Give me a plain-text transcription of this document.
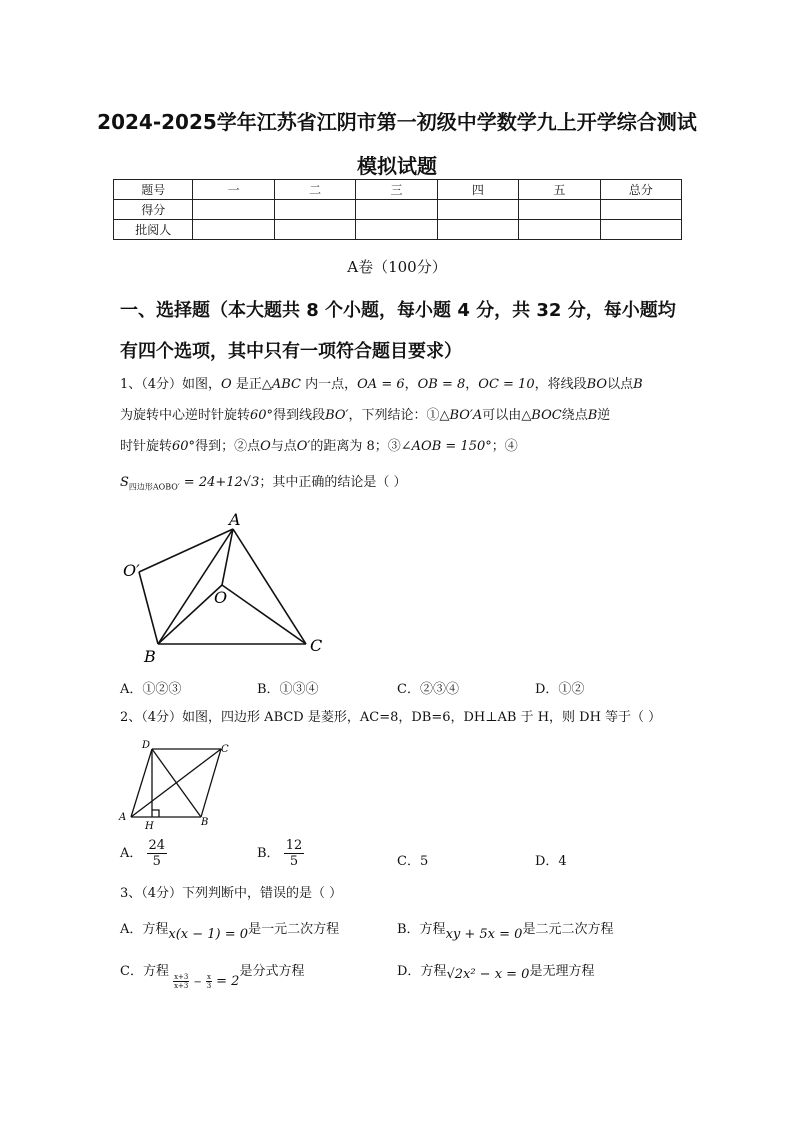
2024-2025学年江苏省江阴市第一初级中学数学九上开学综合测试
模拟试题
题号	一	二	三	四	五	总分
得分						
批阅人						
A卷（100分）
一、选择题（本大题共 8 个小题，每小题 4 分，共 32 分，每小题均
有四个选项，其中只有一项符合题目要求）
1、（4分）如图，O 是正△ABC 内一点，OA = 6，OB = 8，OC = 10，将线段BO以点B
为旋转中心逆时针旋转60°得到线段BO′，下列结论：①△BO′A可以由△BOC绕点B逆
时针旋转60°得到；②点O与点O′的距离为 8；③∠AOB = 150°；④
$S_{四边形AOBO'} = 24+12√3$；其中正确的结论是（ ）
A
O
O′
B
C
A．①②③	B．①③④	C．②③④	D．①②
2、（4分）如图，四边形 ABCD 是菱形，AC=8，DB=6，DH⊥AB 于 H，则 DH 等于（ ）
D	C
A	B
H
A． $\frac{24}{5}$	B． $\frac{12}{5}$	C．5	D．4
3、（4分）下列判断中，错误的是（ ）
A．方程x(x − 1) = 0是一元二次方程	B．方程xy + 5x = 0是二元二次方程
C．方程
$\frac{x+3}{x+3} - \frac{x}{3} = 2$是分式方程	D．方程√2x² − x = 0是无理方程
